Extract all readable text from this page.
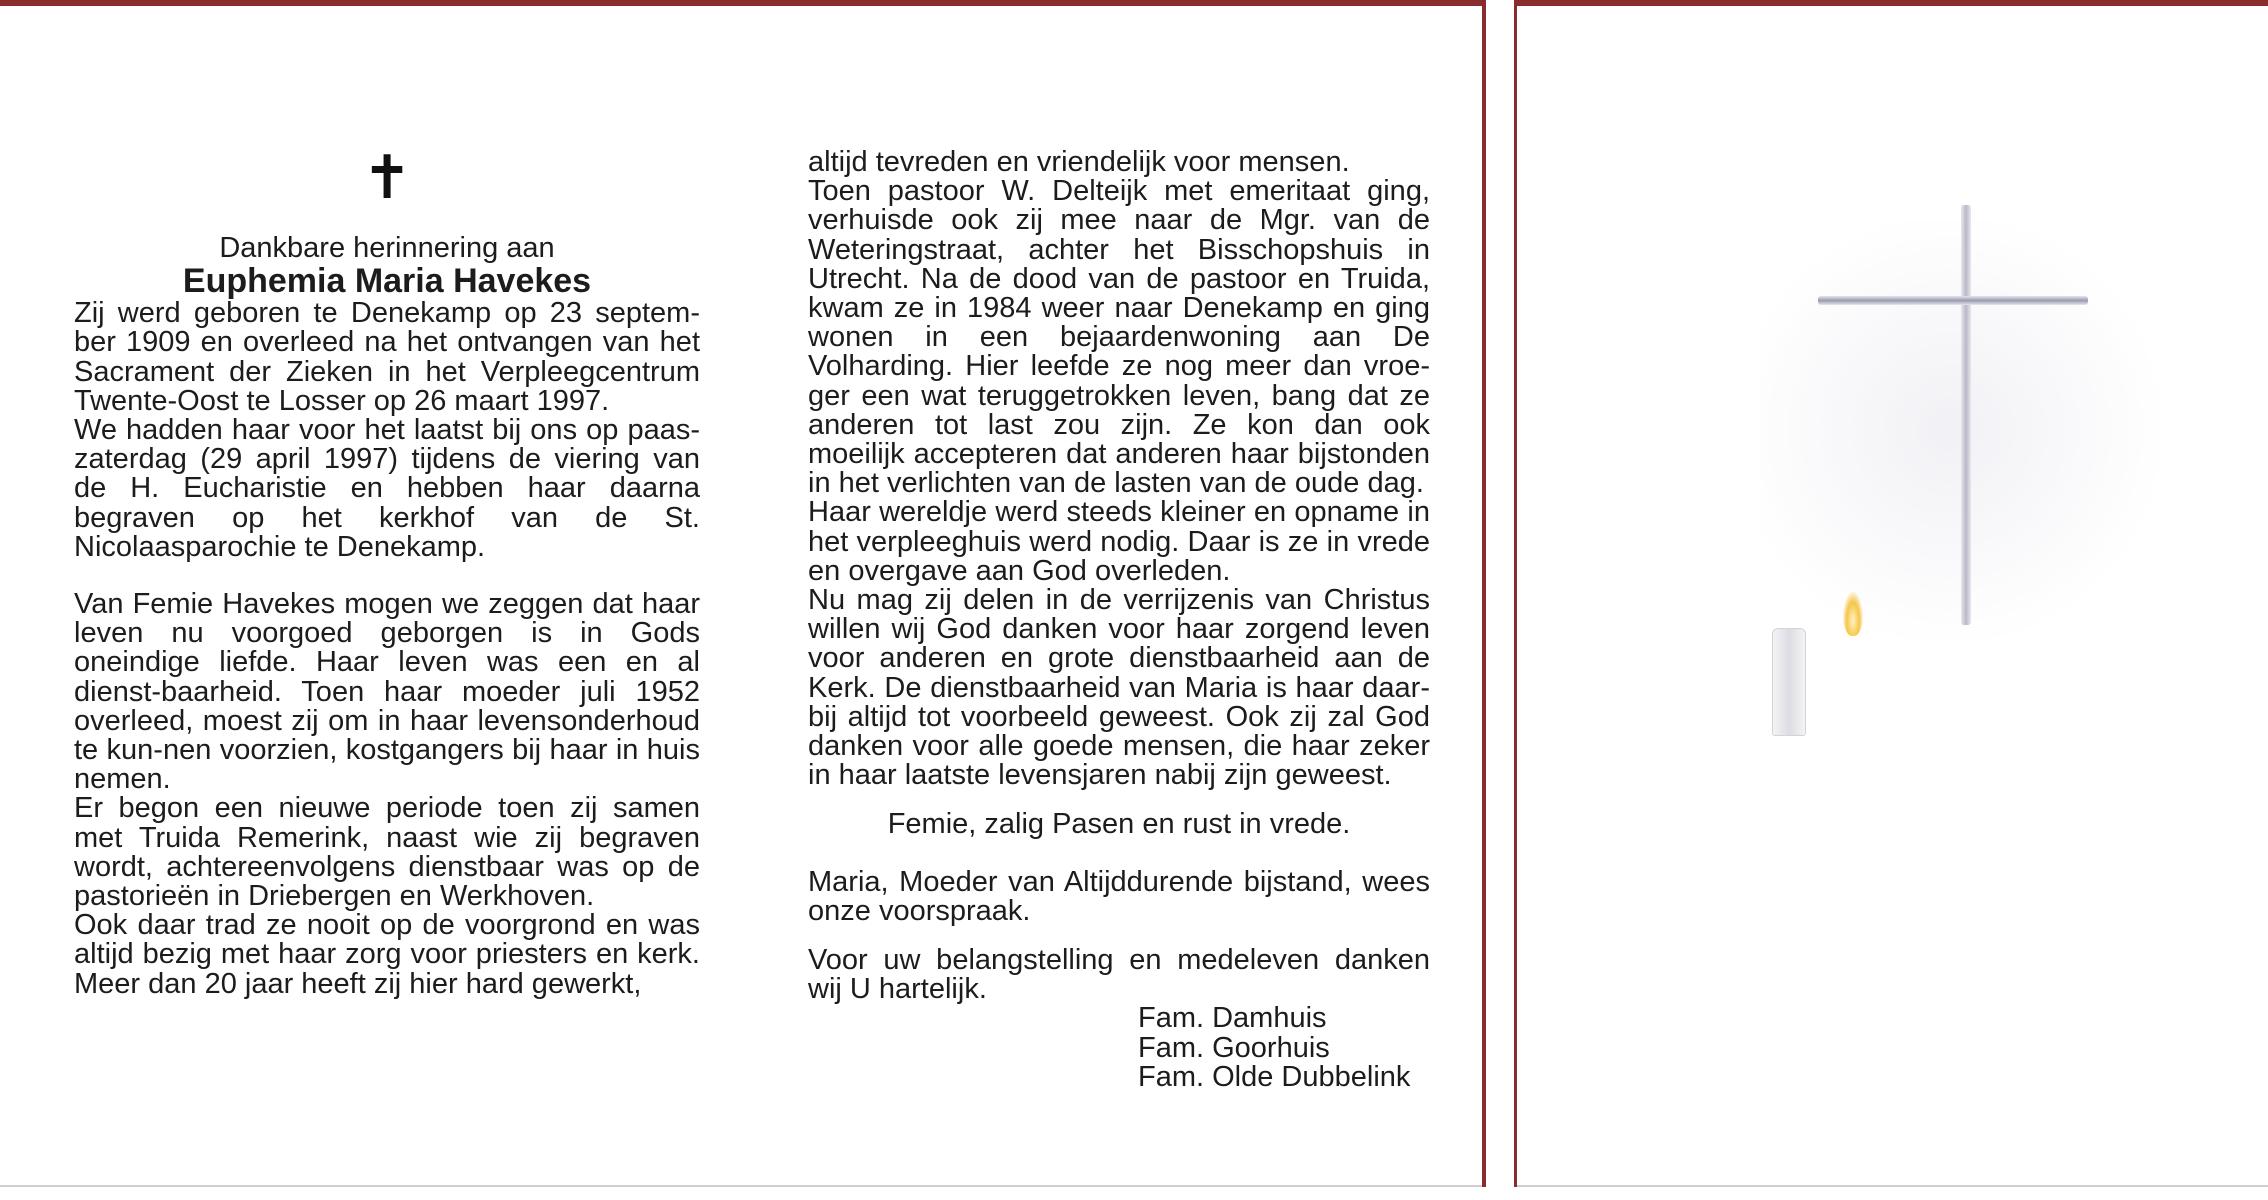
✝

Dankbare herinnering aan

Euphemia Maria Havekes

Zij werd geboren te Denekamp op 23 septem-ber 1909 en overleed na het ontvangen van het Sacrament der Zieken in het Verpleegcentrum Twente-Oost te Losser op 26 maart 1997.

We hadden haar voor het laatst bij ons op paas-zaterdag (29 april 1997) tijdens de viering van de H. Eucharistie en hebben haar daarna begraven op het kerkhof van de St. Nicolaasparochie te Denekamp.

Van Femie Havekes mogen we zeggen dat haar leven nu voorgoed geborgen is in Gods oneindige liefde. Haar leven was een en al dienst-baarheid. Toen haar moeder juli 1952 overleed, moest zij om in haar levensonderhoud te kun-nen voorzien, kostgangers bij haar in huis nemen.

Er begon een nieuwe periode toen zij samen met Truida Remerink, naast wie zij begraven wordt, achtereenvolgens dienstbaar was op de pastorieën in Driebergen en Werkhoven.

Ook daar trad ze nooit op de voorgrond en was altijd bezig met haar zorg voor priesters en kerk. Meer dan 20 jaar heeft zij hier hard gewerkt,

altijd tevreden en vriendelijk voor mensen.

Toen pastoor W. Delteijk met emeritaat ging, verhuisde ook zij mee naar de Mgr. van de Weteringstraat, achter het Bisschopshuis in Utrecht. Na de dood van de pastoor en Truida, kwam ze in 1984 weer naar Denekamp en ging wonen in een bejaardenwoning aan De Volharding. Hier leefde ze nog meer dan vroe-ger een wat teruggetrokken leven, bang dat ze anderen tot last zou zijn. Ze kon dan ook moeilijk accepteren dat anderen haar bijstonden in het verlichten van de lasten van de oude dag.

Haar wereldje werd steeds kleiner en opname in het verpleeghuis werd nodig. Daar is ze in vrede en overgave aan God overleden.

Nu mag zij delen in de verrijzenis van Christus willen wij God danken voor haar zorgend leven voor anderen en grote dienstbaarheid aan de Kerk. De dienstbaarheid van Maria is haar daar-bij altijd tot voorbeeld geweest. Ook zij zal God danken voor alle goede mensen, die haar zeker in haar laatste levensjaren nabij zijn geweest.

Femie, zalig Pasen en rust in vrede.

Maria, Moeder van Altijddurende bijstand, wees onze voorspraak.

Voor uw belangstelling en medeleven danken wij U hartelijk.

Fam. Damhuis

Fam. Goorhuis

Fam. Olde Dubbelink
